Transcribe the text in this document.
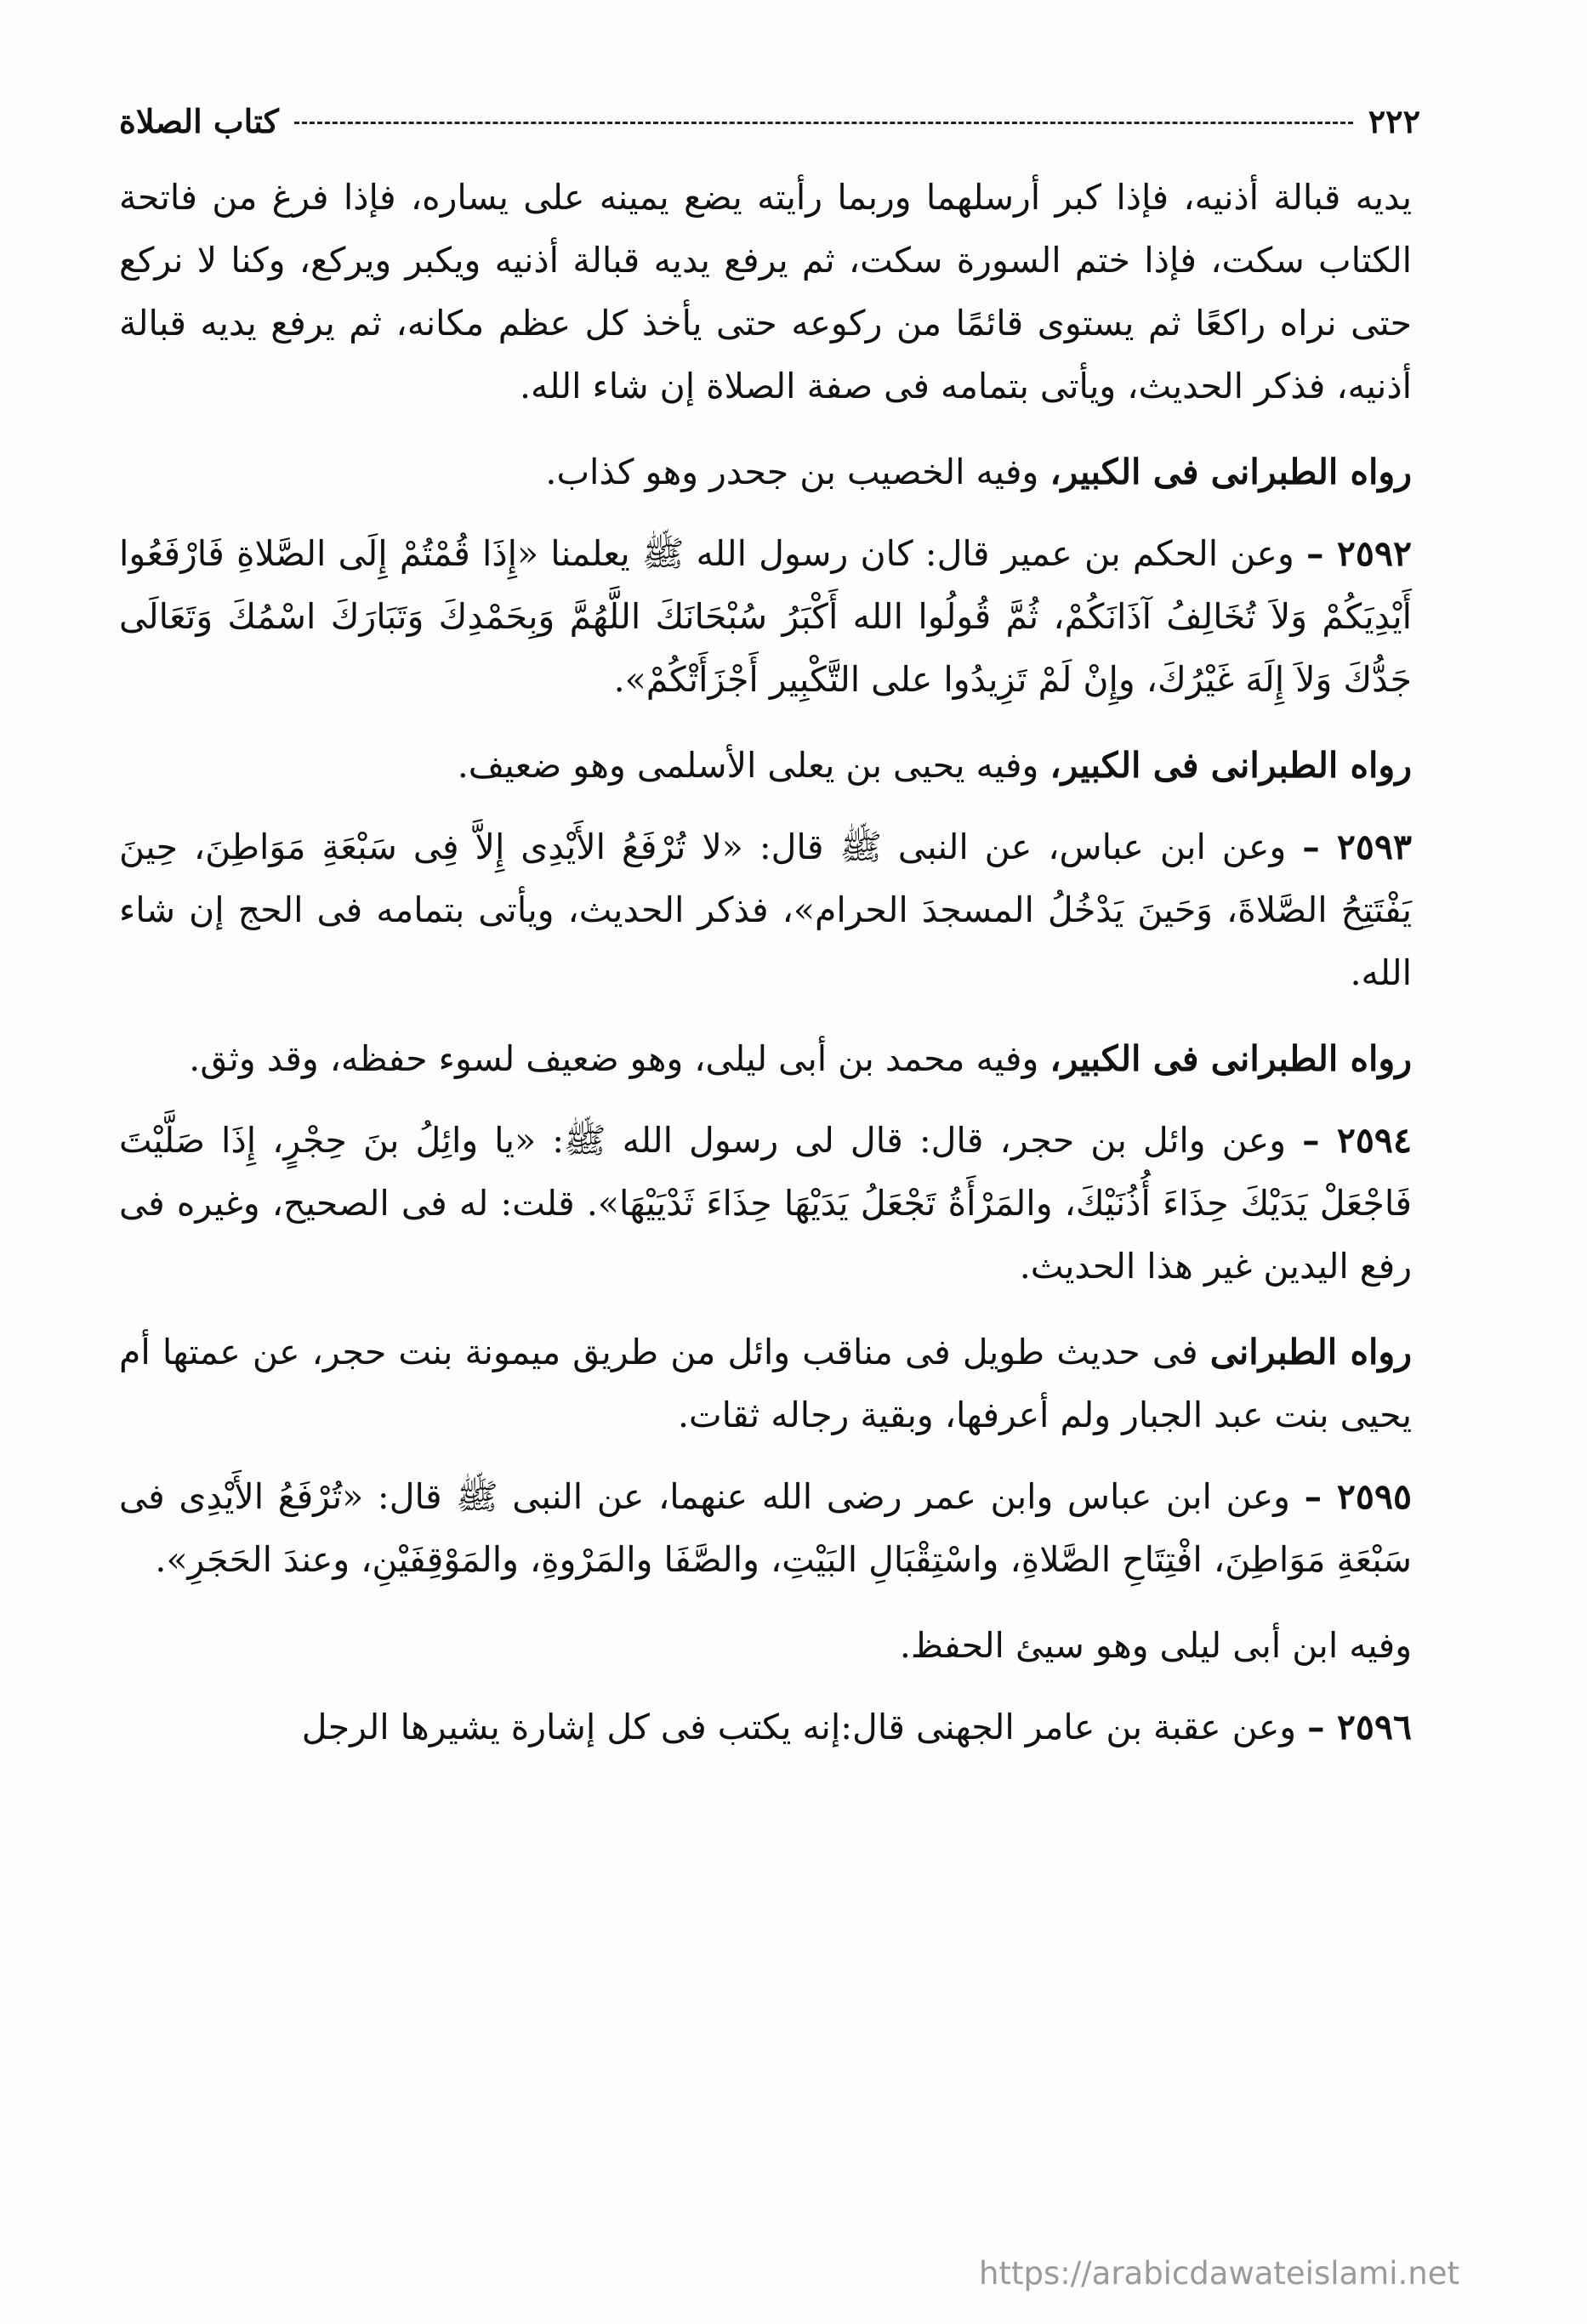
٢٢٢
كتاب الصلاة

يديه قبالة أذنيه، فإذا كبر أرسلهما وربما رأيته يضع يمينه على يساره، فإذا فرغ من فاتحة الكتاب سكت، فإذا ختم السورة سكت، ثم يرفع يديه قبالة أذنيه ويكبر ويركع، وكنا لا نركع حتى نراه راكعًا ثم يستوى قائمًا من ركوعه حتى يأخذ كل عظم مكانه، ثم يرفع يديه قبالة أذنيه، فذكر الحديث، ويأتى بتمامه فى صفة الصلاة إن شاء الله.

رواه الطبرانى فى الكبير، وفيه الخصيب بن جحدر وهو كذاب.

٢٥٩٢ – وعن الحكم بن عمير قال: كان رسول الله ﷺ يعلمنا «إِذَا قُمْتُمْ إِلَى الصَّلاةِ فَارْفَعُوا أَيْدِيَكُمْ وَلاَ تُخَالِفُ آذَانَكُمْ، ثُمَّ قُولُوا الله أَكْبَرُ سُبْحَانَكَ اللَّهُمَّ وَبِحَمْدِكَ وَتَبَارَكَ اسْمُكَ وَتَعَالَى جَدُّكَ وَلاَ إِلَهَ غَيْرُكَ، وإِنْ لَمْ تَزِيدُوا على التَّكْبِير أَجْزَأَتْكُمْ».

رواه الطبرانى فى الكبير، وفيه يحيى بن يعلى الأسلمى وهو ضعيف.

٢٥٩٣ – وعن ابن عباس، عن النبى ﷺ قال: «لا تُرْفَعُ الأَيْدِى إِلاَّ فِى سَبْعَةِ مَوَاطِنَ، حِينَ يَفْتَتِحُ الصَّلاةَ، وَحَينَ يَدْخُلُ المسجدَ الحرام»، فذكر الحديث، ويأتى بتمامه فى الحج إن شاء الله.

رواه الطبرانى فى الكبير، وفيه محمد بن أبى ليلى، وهو ضعيف لسوء حفظه، وقد وثق.

٢٥٩٤ – وعن وائل بن حجر، قال: قال لى رسول الله ﷺ: «يا وائِلُ بنَ حِجْرٍ، إِذَا صَلَّيْتَ فَاجْعَلْ يَدَيْكَ حِذَاءَ أُذُنَيْكَ، والمَرْأَةُ تَجْعَلُ يَدَيْهَا حِذَاءَ ثَدْيَيْهَا». قلت: له فى الصحيح، وغيره فى رفع اليدين غير هذا الحديث.

رواه الطبرانى فى حديث طويل فى مناقب وائل من طريق ميمونة بنت حجر، عن عمتها أم يحيى بنت عبد الجبار ولم أعرفها، وبقية رجاله ثقات.

٢٥٩٥ – وعن ابن عباس وابن عمر رضى الله عنهما، عن النبى ﷺ قال: «تُرْفَعُ الأَيْدِى فى سَبْعَةِ مَوَاطِنَ، افْتِتَاحِ الصَّلاةِ، واسْتِقْبَالِ البَيْتِ، والصَّفَا والمَرْوةِ، والمَوْقِفَيْنِ، وعندَ الحَجَرِ».

وفيه ابن أبى ليلى وهو سيئ الحفظ.

٢٥٩٦ – وعن عقبة بن عامر الجهنى قال:إنه يكتب فى كل إشارة يشيرها الرجل

https://arabicdawateislami.net
